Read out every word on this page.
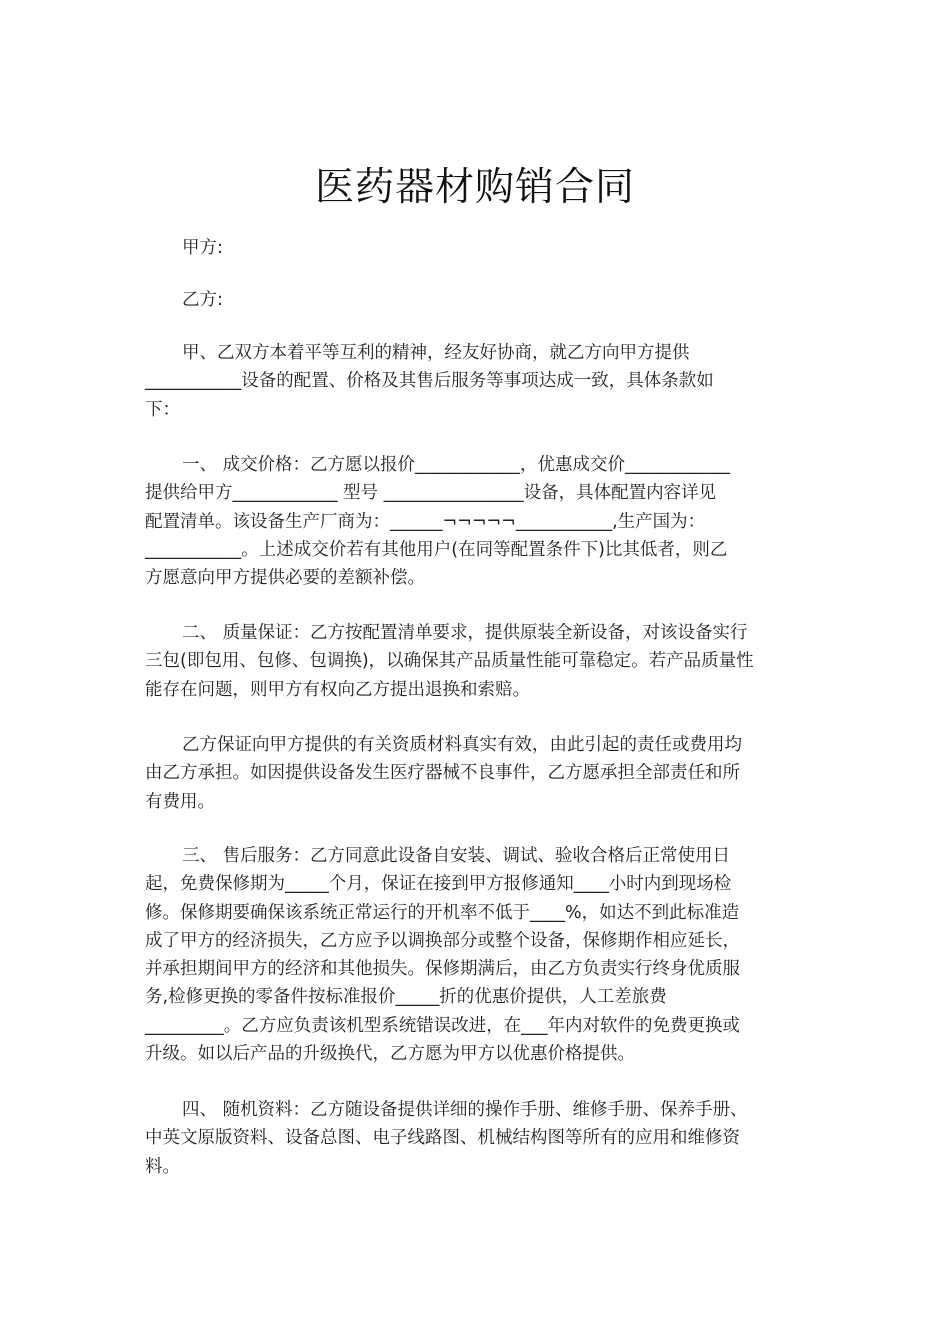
医药器材购销合同
甲方:
乙方:
甲、乙双方本着平等互利的精神，经友好协商，就乙方向甲方提供
___________设备的配置、价格及其售后服务等事项达成一致，具体条款如
下：
一、 成交价格：乙方愿以报价____________，优惠成交价____________
提供给甲方____________ 型号 ________________设备，具体配置内容详见
配置清单。该设备生产厂商为：______¬¬¬¬¬___________,生产国为：
___________。上述成交价若有其他用户(在同等配置条件下)比其低者，则乙
方愿意向甲方提供必要的差额补偿。
二、 质量保证：乙方按配置清单要求，提供原装全新设备，对该设备实行
三包(即包用、包修、包调换)，以确保其产品质量性能可靠稳定。若产品质量性
能存在问题，则甲方有权向乙方提出退换和索赔。
乙方保证向甲方提供的有关资质材料真实有效，由此引起的责任或费用均
由乙方承担。如因提供设备发生医疗器械不良事件，乙方愿承担全部责任和所
有费用。
三、 售后服务：乙方同意此设备自安装、调试、验收合格后正常使用日
起，免费保修期为_____个月，保证在接到甲方报修通知____小时内到现场检
修。保修期要确保该系统正常运行的开机率不低于____%，如达不到此标准造
成了甲方的经济损失，乙方应予以调换部分或整个设备，保修期作相应延长，
并承担期间甲方的经济和其他损失。保修期满后，由乙方负责实行终身优质服
务,检修更换的零备件按标准报价_____折的优惠价提供，人工差旅费
_________。乙方应负责该机型系统错误改进，在___年内对软件的免费更换或
升级。如以后产品的升级换代，乙方愿为甲方以优惠价格提供。
四、 随机资料：乙方随设备提供详细的操作手册、维修手册、保养手册、
中英文原版资料、设备总图、电子线路图、机械结构图等所有的应用和维修资
料。
